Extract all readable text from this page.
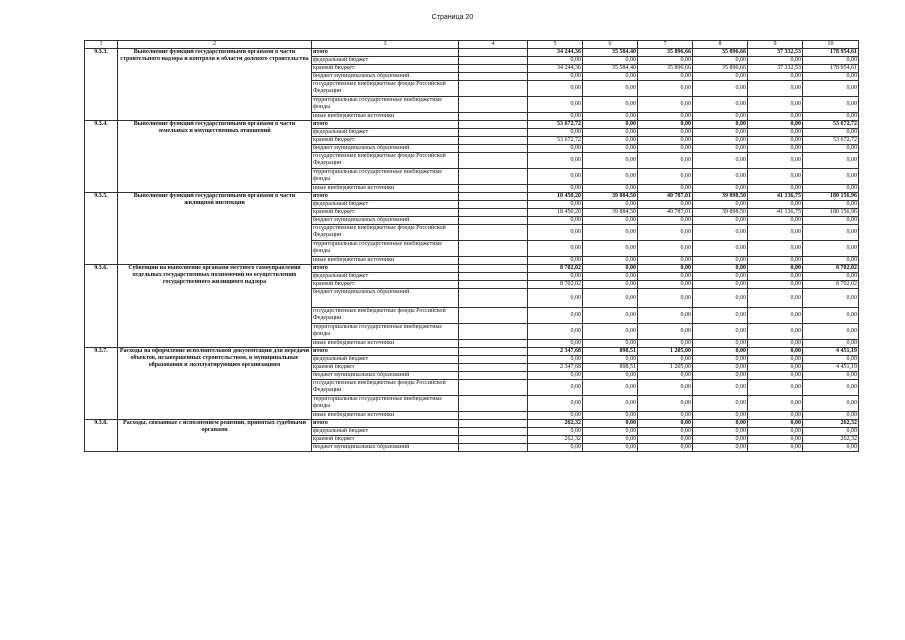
Страница 20
1	2	3	4	5	6	7	8	9	10
9.3.3.	Выполнение функций государственными органами в части строительного надзора и контроля в области долевого строительства	итого		34 244,36	35 584,40	35 896,66	35 896,66	37 332,53	178 954,61
		федеральный бюджет		0,00	0,00	0,00	0,00	0,00	0,00
		краевой бюджет		34 244,36	35 584,40	35 896,66	35 896,66	37 332,53	178 954,61
		бюджет муниципальных образований		0,00	0,00	0,00	0,00	0,00	0,00
		государственные внебюджетные фонды Российской Федерации		0,00	0,00	0,00	0,00	0,00	0,00
		территориальные государственные внебюджетные фонды		0,00	0,00	0,00	0,00	0,00	0,00
		иные внебюджетные источники		0,00	0,00	0,00	0,00	0,00	0,00
9.3.4.	Выполнение функций государственными органами в части земельных и имущественных отношений	итого		53 672,72	0,00	0,00	0,00	0,00	53 672,72
		федеральный бюджет		0,00	0,00	0,00	0,00	0,00	0,00
		краевой бюджет		53 672,72	0,00	0,00	0,00	0,00	53 672,72
		бюджет муниципальных образований		0,00	0,00	0,00	0,00	0,00	0,00
		государственные внебюджетные фонды Российской Федерации		0,00	0,00	0,00	0,00	0,00	0,00
		территориальные государственные внебюджетные фонды		0,00	0,00	0,00	0,00	0,00	0,00
		иные внебюджетные источники		0,00	0,00	0,00	0,00	0,00	0,00
9.3.5.	Выполнение функций государственными органами в части жилищной инспекции	итого		18 450,20	39 884,50	40 787,01	39 898,50	41 136,75	180 156,96
		федеральный бюджет		0,00	0,00	0,00	0,00	0,00	0,00
		краевой бюджет		18 450,20	39 884,50	40 787,01	39 898,50	41 136,75	180 156,96
		бюджет муниципальных образований		0,00	0,00	0,00	0,00	0,00	0,00
		государственные внебюджетные фонды Российской Федерации		0,00	0,00	0,00	0,00	0,00	0,00
		территориальные государственные внебюджетные фонды		0,00	0,00	0,00	0,00	0,00	0,00
		иные внебюджетные источники		0,00	0,00	0,00	0,00	0,00	0,00
9.3.6.	Субвенции на выполнение органами местного самоуправления отдельных государственных полномочий по осуществлению государственного жилищного надзора	итого		8 702,02	0,00	0,00	0,00	0,00	8 702,02
		федеральный бюджет		0,00	0,00	0,00	0,00	0,00	0,00
		краевой бюджет		8 702,02	0,00	0,00	0,00	0,00	8 702,02
		бюджет муниципальных образований		0,00	0,00	0,00	0,00	0,00	0,00
		государственные внебюджетные фонды Российской Федерации		0,00	0,00	0,00	0,00	0,00	0,00
		территориальные государственные внебюджетные фонды		0,00	0,00	0,00	0,00	0,00	0,00
		иные внебюджетные источники		0,00	0,00	0,00	0,00	0,00	0,00
9.3.7.	Расходы на оформление исполнительной документации для передачи объектов, незавершенных строительством, в муниципальные образования и эксплуатирующим организациям	итого		2 347,68	898,51	1 205,00	0,00	0,00	4 451,19
		федеральный бюджет		0,00	0,00	0,00	0,00	0,00	0,00
		краевой бюджет		2 347,68	898,51	1 205,00	0,00	0,00	4 451,19
		бюджет муниципальных образований		0,00	0,00	0,00	0,00	0,00	0,00
		государственные внебюджетные фонды Российской Федерации		0,00	0,00	0,00	0,00	0,00	0,00
		территориальные государственные внебюджетные фонды		0,00	0,00	0,00	0,00	0,00	0,00
		иные внебюджетные источники		0,00	0,00	0,00	0,00	0,00	0,00
9.3.8.	Расходы, связанные с исполнением решений, принятых судебными органами	итого		262,32	0,00	0,00	0,00	0,00	262,32
		федеральный бюджет		0,00	0,00	0,00	0,00	0,00	0,00
		краевой бюджет		262,32	0,00	0,00	0,00	0,00	262,32
		бюджет муниципальных образований		0,00	0,00	0,00	0,00	0,00	0,00
